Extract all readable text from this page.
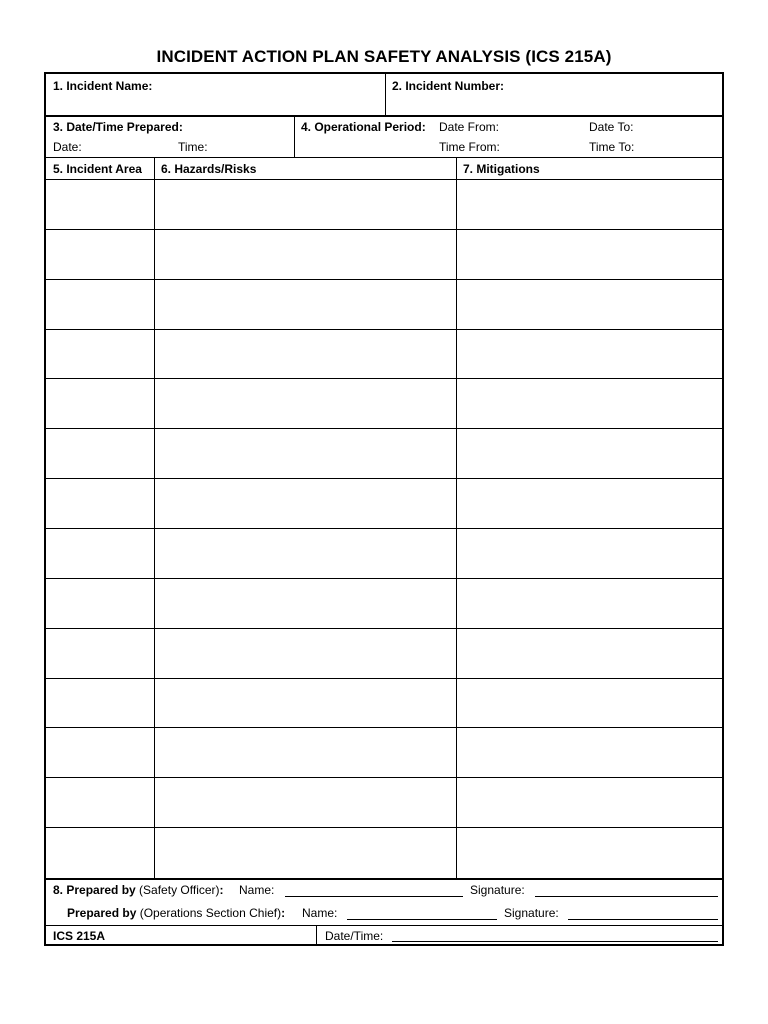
INCIDENT ACTION PLAN SAFETY ANALYSIS (ICS 215A)
1. Incident Name:	2. Incident Number:
3. Date/Time Prepared:
Date:	Time:
4. Operational Period: Date From:	Date To:
Time From:	Time To:
5. Incident Area 6. Hazards/Risks	7. Mitigations
8. Prepared by (Safety Officer): Name:	Signature:
Prepared by (Operations Section Chief): Name:	Signature:
ICS 215A	Date/Time:
